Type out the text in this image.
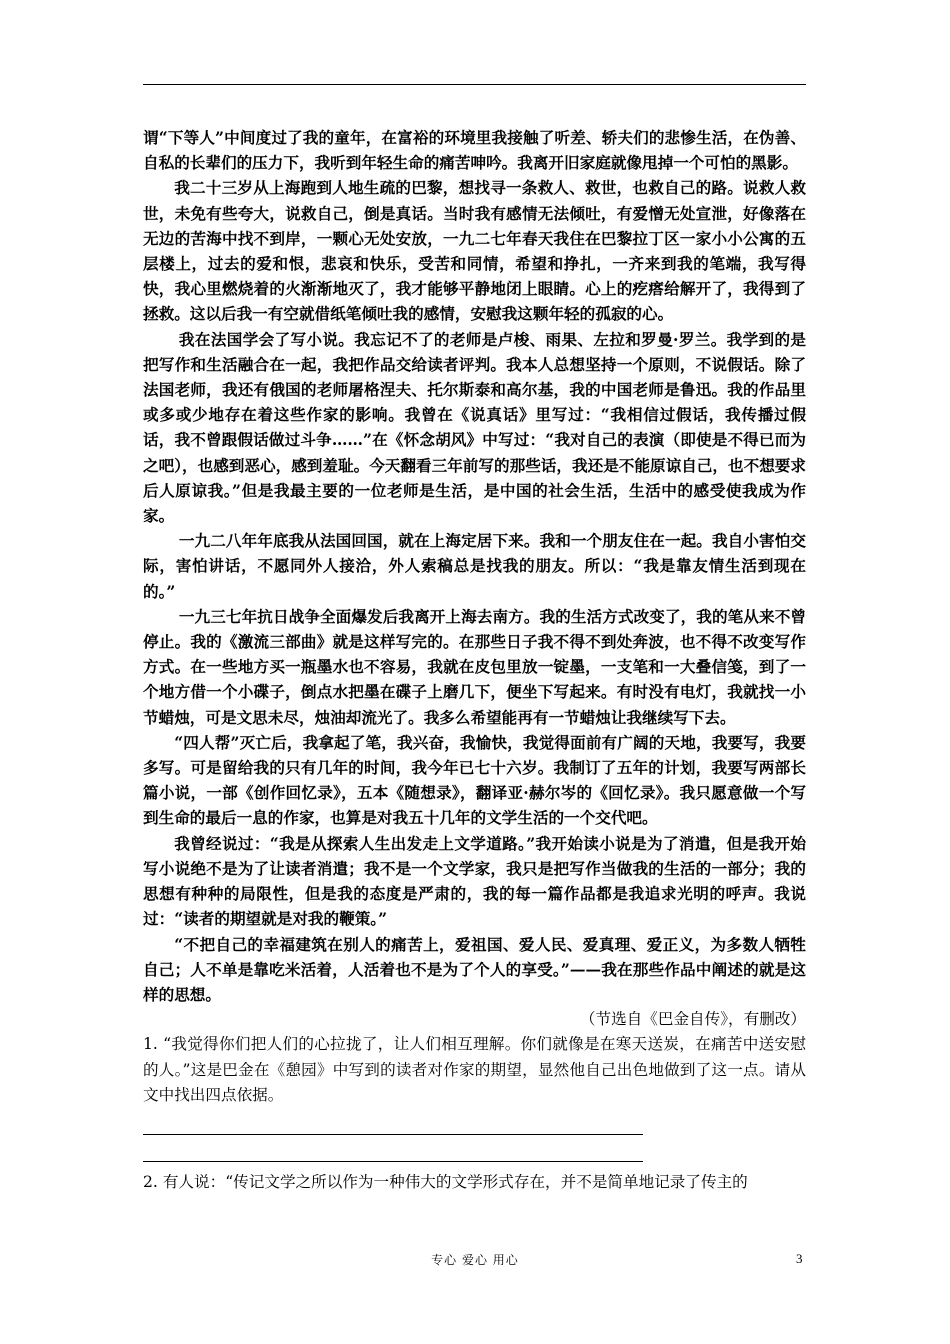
谓“下等人”中间度过了我的童年，在富裕的环境里我接触了听差、轿夫们的悲惨生活，在伪善、自私的长辈们的压力下，我听到年轻生命的痛苦呻吟。我离开旧家庭就像甩掉一个可怕的黑影。

我二十三岁从上海跑到人地生疏的巴黎，想找寻一条救人、救世，也救自己的路。说救人救世，未免有些夸大，说救自己，倒是真话。当时我有感情无法倾吐，有爱憎无处宣泄，好像落在无边的苦海中找不到岸，一颗心无处安放，一九二七年春天我住在巴黎拉丁区一家小小公寓的五层楼上，过去的爱和恨，悲哀和快乐，受苦和同情，希望和挣扎，一齐来到我的笔端，我写得快，我心里燃烧着的火渐渐地灭了，我才能够平静地闭上眼睛。心上的疙瘩给解开了，我得到了拯救。这以后我一有空就借纸笔倾吐我的感情，安慰我这颗年轻的孤寂的心。

我在法国学会了写小说。我忘记不了的老师是卢梭、雨果、左拉和罗曼·罗兰。我学到的是把写作和生活融合在一起，我把作品交给读者评判。我本人总想坚持一个原则，不说假话。除了法国老师，我还有俄国的老师屠格涅夫、托尔斯泰和高尔基，我的中国老师是鲁迅。我的作品里或多或少地存在着这些作家的影响。我曾在《说真话》里写过：“我相信过假话，我传播过假话，我不曾跟假话做过斗争……”在《怀念胡风》中写过：“我对自己的表演（即使是不得已而为之吧），也感到恶心，感到羞耻。今天翻看三年前写的那些话，我还是不能原谅自己，也不想要求后人原谅我。”但是我最主要的一位老师是生活，是中国的社会生活，生活中的感受使我成为作家。

一九二八年年底我从法国回国，就在上海定居下来。我和一个朋友住在一起。我自小害怕交际，害怕讲话，不愿同外人接洽，外人索稿总是找我的朋友。所以：“我是靠友情生活到现在的。”

一九三七年抗日战争全面爆发后我离开上海去南方。我的生活方式改变了，我的笔从来不曾停止。我的《激流三部曲》就是这样写完的。在那些日子我不得不到处奔波，也不得不改变写作方式。在一些地方买一瓶墨水也不容易，我就在皮包里放一锭墨，一支笔和一大叠信笺，到了一个地方借一个小碟子，倒点水把墨在碟子上磨几下，便坐下写起来。有时没有电灯，我就找一小节蜡烛，可是文思未尽，烛油却流光了。我多么希望能再有一节蜡烛让我继续写下去。

“四人帮”灭亡后，我拿起了笔，我兴奋，我愉快，我觉得面前有广阔的天地，我要写，我要多写。可是留给我的只有几年的时间，我今年已七十六岁。我制订了五年的计划，我要写两部长篇小说，一部《创作回忆录》，五本《随想录》，翻译亚·赫尔岑的《回忆录》。我只愿意做一个写到生命的最后一息的作家，也算是对我五十几年的文学生活的一个交代吧。

我曾经说过：“我是从探索人生出发走上文学道路。”我开始读小说是为了消遣，但是我开始写小说绝不是为了让读者消遣；我不是一个文学家，我只是把写作当做我的生活的一部分；我的思想有种种的局限性，但是我的态度是严肃的，我的每一篇作品都是我追求光明的呼声。我说过：“读者的期望就是对我的鞭策。”

“不把自己的幸福建筑在别人的痛苦上，爱祖国、爱人民、爱真理、爱正义，为多数人牺牲自己；人不单是靠吃米活着，人活着也不是为了个人的享受。”——我在那些作品中阐述的就是这样的思想。

（节选自《巴金自传》，有删改）

1. “我觉得你们把人们的心拉拢了，让人们相互理解。你们就像是在寒天送炭，在痛苦中送安慰的人。”这是巴金在《憩园》中写到的读者对作家的期望，显然他自己出色地做到了这一点。请从文中找出四点依据。

2. 有人说：“传记文学之所以作为一种伟大的文学形式存在，并不是简单地记录了传主的

专心 爱心 用心	3
